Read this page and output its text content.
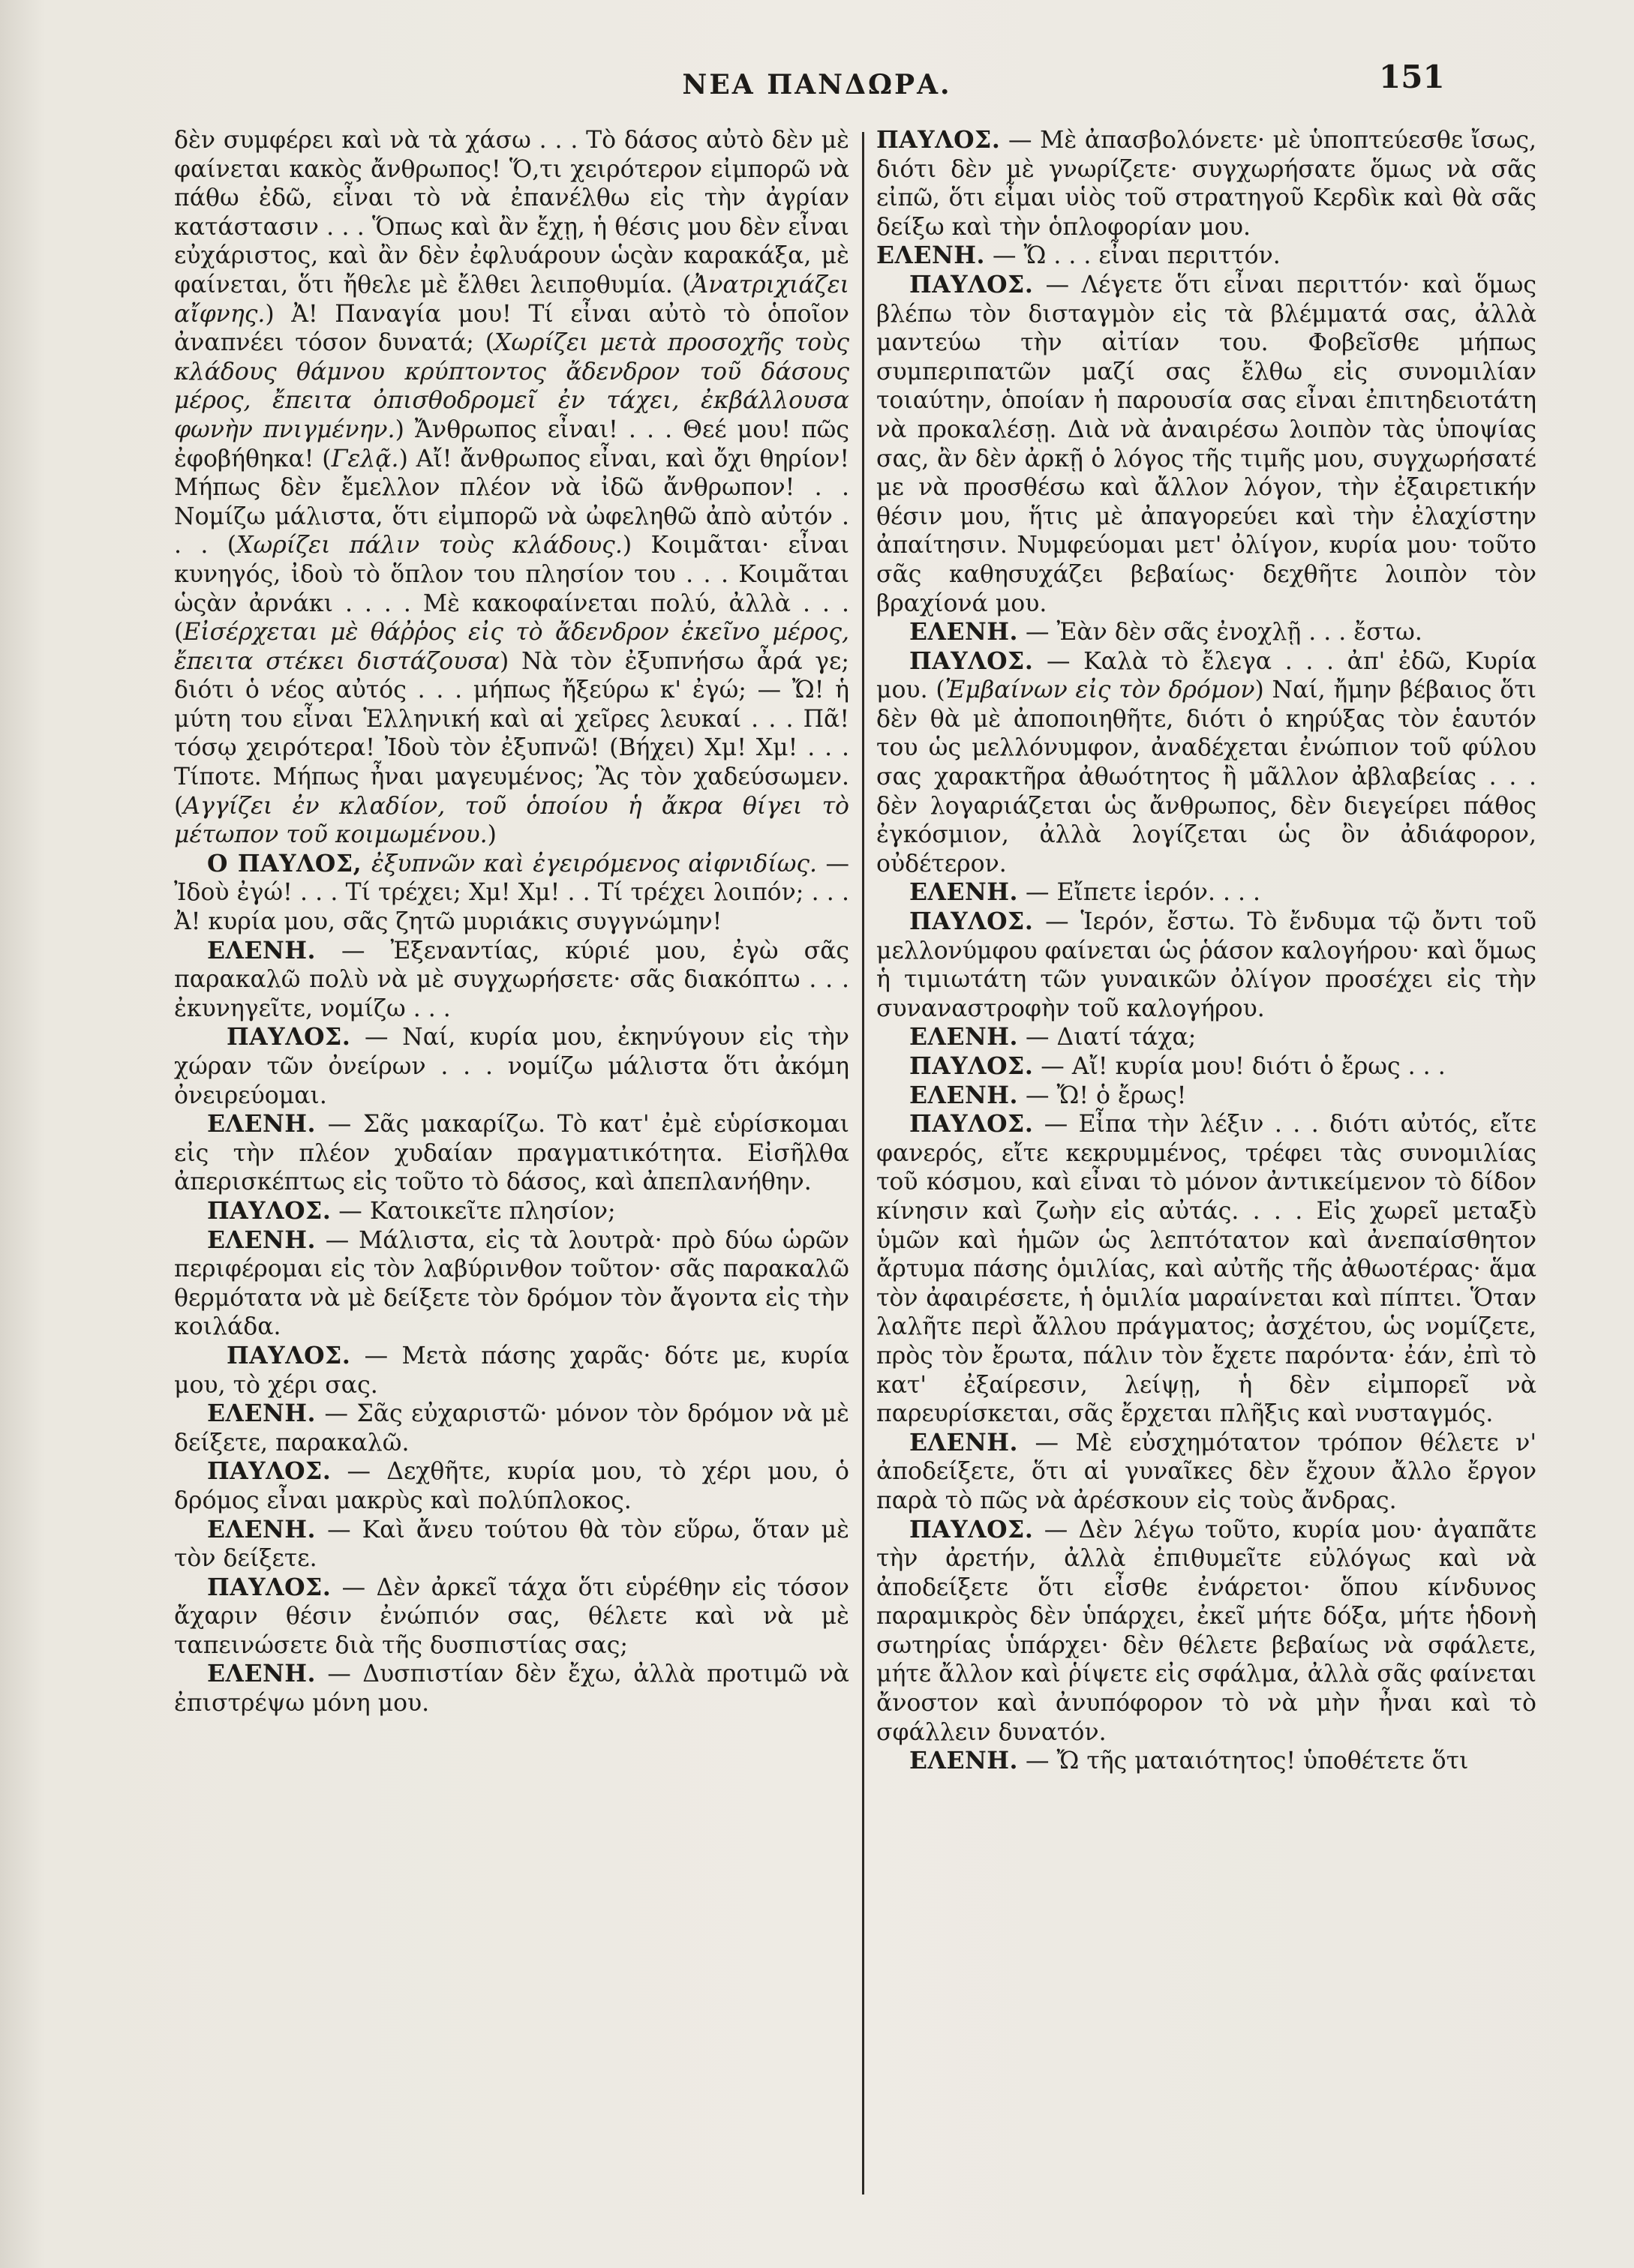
ΝΕΑ ΠΑΝΔΩΡΑ.	151

δὲν συμφέρει καὶ νὰ τὰ χάσω . . . Τὸ δάσος αὐτὸ δὲν μὲ φαίνεται κακὸς ἄνθρωπος! Ὅ,τι χειρότερον εἰμπορῶ νὰ πάθω ἐδῶ, εἶναι τὸ νὰ ἐπανέλθω εἰς τὴν ἀγρίαν κατάστασιν . . . Ὅπως καὶ ἂν ἔχῃ, ἡ θέσις μου δὲν εἶναι εὐχάριστος, καὶ ἂν δὲν ἐφλυάρουν ὡςὰν καρακάξα, μὲ φαίνεται, ὅτι ἤθελε μὲ ἔλθει λειποθυμία. (Ἀνατριχιάζει αἴφνης.) Ἀ! Παναγία μου! Τί εἶναι αὐτὸ τὸ ὁποῖον ἀναπνέει τόσον δυνατά; (Χωρίζει μετὰ προσοχῆς τοὺς κλάδους θάμνου κρύπτοντος ἄδενδρον τοῦ δάσους μέρος, ἔπειτα ὀπισθοδρομεῖ ἐν τάχει, ἐκβάλλουσα φωνὴν πνιγμένην.) Ἄνθρωπος εἶναι! . . . Θεέ μου! πῶς ἐφοβήθηκα! (Γελᾷ.) Αἴ! ἄνθρωπος εἶναι, καὶ ὄχι θηρίον! Μήπως δὲν ἔμελλον πλέον νὰ ἰδῶ ἄνθρωπον! . . Νομίζω μάλιστα, ὅτι εἰμπορῶ νὰ ὠφεληθῶ ἀπὸ αὐτόν . . . (Χωρίζει πάλιν τοὺς κλάδους.) Κοιμᾶται· εἶναι κυνηγός, ἰδοὺ τὸ ὅπλον του πλησίον του . . . Κοιμᾶται ὡςὰν ἀρνάκι . . . . Μὲ κακοφαίνεται πολύ, ἀλλὰ . . . (Εἰσέρχεται μὲ θάῤῥος εἰς τὸ ἄδενδρον ἐκεῖνο μέρος, ἔπειτα στέκει διστάζουσα) Νὰ τὸν ἐξυπνήσω ἆρά γε; διότι ὁ νέος αὐτός . . . μήπως ἤξεύρω κ' ἐγώ; — Ὤ! ἡ μύτη του εἶναι Ἑλληνική καὶ αἱ χεῖρες λευκαί . . . Πᾶ! τόσῳ χειρότερα! Ἰδοὺ τὸν ἐξυπνῶ! (Βήχει) Χμ! Χμ! . . . Τίποτε. Μήπως ἦναι μαγευμένος; Ἂς τὸν χαδεύσωμεν. (Αγγίζει ἐν κλαδίον, τοῦ ὁποίου ἡ ἄκρα θίγει τὸ μέτωπον τοῦ κοιμωμένου.)

Ο ΠΑΥΛΟΣ, ἐξυπνῶν καὶ ἐγειρόμενος αἰφνιδίως. — Ἰδοὺ ἐγώ! . . . Τί τρέχει; Χμ! Χμ! . . Τί τρέχει λοιπόν; . . . Ἀ! κυρία μου, σᾶς ζητῶ μυριάκις συγγνώμην!

ΕΛΕΝΗ. — Ἐξεναντίας, κύριέ μου, ἐγὼ σᾶς παρακαλῶ πολὺ νὰ μὲ συγχωρήσετε· σᾶς διακόπτω . . . ἐκυνηγεῖτε, νομίζω . . .

ΠΑΥΛΟΣ. — Ναί, κυρία μου, ἐκηνύγουν εἰς τὴν χώραν τῶν ὀνείρων . . . νομίζω μάλιστα ὅτι ἀκόμη ὀνειρεύομαι.

ΕΛΕΝΗ. — Σᾶς μακαρίζω. Τὸ κατ' ἐμὲ εὑρίσκομαι εἰς τὴν πλέον χυδαίαν πραγματικότητα. Εἰσῆλθα ἀπερισκέπτως εἰς τοῦτο τὸ δάσος, καὶ ἀπεπλανήθην.

ΠΑΥΛΟΣ. — Κατοικεῖτε πλησίον;

ΕΛΕΝΗ. — Μάλιστα, εἰς τὰ λουτρὰ· πρὸ δύω ὡρῶν περιφέρομαι εἰς τὸν λαβύρινθον τοῦτον· σᾶς παρακαλῶ θερμότατα νὰ μὲ δείξετε τὸν δρόμον τὸν ἄγοντα εἰς τὴν κοιλάδα.

ΠΑΥΛΟΣ. — Μετὰ πάσης χαρᾶς· δότε με, κυρία μου, τὸ χέρι σας.

ΕΛΕΝΗ. — Σᾶς εὐχαριστῶ· μόνον τὸν δρόμον νὰ μὲ δείξετε, παρακαλῶ.

ΠΑΥΛΟΣ. — Δεχθῆτε, κυρία μου, τὸ χέρι μου, ὁ δρόμος εἶναι μακρὺς καὶ πολύπλοκος.

ΕΛΕΝΗ. — Καὶ ἄνευ τούτου θὰ τὸν εὕρω, ὅταν μὲ τὸν δείξετε.

ΠΑΥΛΟΣ. — Δὲν ἀρκεῖ τάχα ὅτι εὑρέθην εἰς τόσον ἄχαριν θέσιν ἐνώπιόν σας, θέλετε καὶ νὰ μὲ ταπεινώσετε διὰ τῆς δυσπιστίας σας;

ΕΛΕΝΗ. — Δυσπιστίαν δὲν ἔχω, ἀλλὰ προτιμῶ νὰ ἐπιστρέψω μόνη μου.

ΠΑΥΛΟΣ. — Μὲ ἀπασβολόνετε· μὲ ὑποπτεύεσθε ἴσως, διότι δὲν μὲ γνωρίζετε· συγχωρήσατε ὅμως νὰ σᾶς εἰπῶ, ὅτι εἶμαι υἱὸς τοῦ στρατηγοῦ Κερδὶκ καὶ θὰ σᾶς δείξω καὶ τὴν ὁπλοφορίαν μου.

ΕΛΕΝΗ. — Ὤ . . . εἶναι περιττόν.

ΠΑΥΛΟΣ. — Λέγετε ὅτι εἶναι περιττόν· καὶ ὅμως βλέπω τὸν δισταγμὸν εἰς τὰ βλέμματά σας, ἀλλὰ μαντεύω τὴν αἰτίαν του. Φοβεῖσθε μήπως συμπεριπατῶν μαζί σας ἔλθω εἰς συνομιλίαν τοιαύτην, ὁποίαν ἡ παρουσία σας εἶναι ἐπιτηδειοτάτη νὰ προκαλέσῃ. Διὰ νὰ ἀναιρέσω λοιπὸν τὰς ὑποψίας σας, ἂν δὲν ἀρκῇ ὁ λόγος τῆς τιμῆς μου, συγχωρήσατέ με νὰ προσθέσω καὶ ἄλλον λόγον, τὴν ἐξαιρετικήν θέσιν μου, ἥτις μὲ ἀπαγορεύει καὶ τὴν ἐλαχίστην ἀπαίτησιν. Νυμφεύομαι μετ' ὀλίγον, κυρία μου· τοῦτο σᾶς καθησυχάζει βεβαίως· δεχθῆτε λοιπὸν τὸν βραχίονά μου.

ΕΛΕΝΗ. — Ἐὰν δὲν σᾶς ἐνοχλῇ . . . ἔστω.

ΠΑΥΛΟΣ. — Καλὰ τὸ ἔλεγα . . . ἀπ' ἐδῶ, Κυρία μου. (Ἐμβαίνων εἰς τὸν δρόμον) Ναί, ἤμην βέβαιος ὅτι δὲν θὰ μὲ ἀποποιηθῆτε, διότι ὁ κηρύξας τὸν ἑαυτόν του ὡς μελλόνυμφον, ἀναδέχεται ἐνώπιον τοῦ φύλου σας χαρακτῆρα ἀθωότητος ἢ μᾶλλον ἀβλαβείας . . . δὲν λογαριάζεται ὡς ἄνθρωπος, δὲν διεγείρει πάθος ἐγκόσμιον, ἀλλὰ λογίζεται ὡς ὂν ἀδιάφορον, οὐδέτερον.

ΕΛΕΝΗ. — Εἴπετε ἱερόν. . . .

ΠΑΥΛΟΣ. — Ἱερόν, ἔστω. Τὸ ἔνδυμα τῷ ὄντι τοῦ μελλονύμφου φαίνεται ὡς ῥάσον καλογήρου· καὶ ὅμως ἡ τιμιωτάτη τῶν γυναικῶν ὀλίγον προσέχει εἰς τὴν συναναστροφὴν τοῦ καλογήρου.

ΕΛΕΝΗ. — Διατί τάχα;

ΠΑΥΛΟΣ. — Αἴ! κυρία μου! διότι ὁ ἔρως . . .

ΕΛΕΝΗ. — Ὤ! ὁ ἔρως!

ΠΑΥΛΟΣ. — Εἶπα τὴν λέξιν . . . διότι αὐτός, εἴτε φανερός, εἴτε κεκρυμμένος, τρέφει τὰς συνομιλίας τοῦ κόσμου, καὶ εἶναι τὸ μόνον ἀντικείμενον τὸ δίδον κίνησιν καὶ ζωὴν εἰς αὐτάς. . . . Εἰς χωρεῖ μεταξὺ ὑμῶν καὶ ἡμῶν ὡς λεπτότατον καὶ ἀνεπαίσθητον ἄρτυμα πάσης ὁμιλίας, καὶ αὐτῆς τῆς ἀθωοτέρας· ἅμα τὸν ἀφαιρέσετε, ἡ ὁμιλία μαραίνεται καὶ πίπτει. Ὅταν λαλῆτε περὶ ἄλλου πράγματος; ἀσχέτου, ὡς νομίζετε, πρὸς τὸν ἔρωτα, πάλιν τὸν ἔχετε παρόντα· ἐάν, ἐπὶ τὸ κατ' ἐξαίρεσιν, λείψῃ, ἡ δὲν εἰμπορεῖ νὰ παρευρίσκεται, σᾶς ἔρχεται πλῆξις καὶ νυσταγμός.

ΕΛΕΝΗ. — Μὲ εὐσχημότατον τρόπον θέλετε ν' ἀποδείξετε, ὅτι αἱ γυναῖκες δὲν ἔχουν ἄλλο ἔργον παρὰ τὸ πῶς νὰ ἀρέσκουν εἰς τοὺς ἄνδρας.

ΠΑΥΛΟΣ. — Δὲν λέγω τοῦτο, κυρία μου· ἀγαπᾶτε τὴν ἀρετήν, ἀλλὰ ἐπιθυμεῖτε εὐλόγως καὶ νὰ ἀποδείξετε ὅτι εἶσθε ἐνάρετοι· ὅπου κίνδυνος παραμικρὸς δὲν ὑπάρχει, ἐκεῖ μήτε δόξα, μήτε ἡδονὴ σωτηρίας ὑπάρχει· δὲν θέλετε βεβαίως νὰ σφάλετε, μήτε ἄλλον καὶ ῥίψετε εἰς σφάλμα, ἀλλὰ σᾶς φαίνεται ἄνοστον καὶ ἀνυπόφορον τὸ νὰ μὴν ἦναι καὶ τὸ σφάλλειν δυνατόν.

ΕΛΕΝΗ. — Ὤ τῆς ματαιότητος! ὑποθέτετε ὅτι
